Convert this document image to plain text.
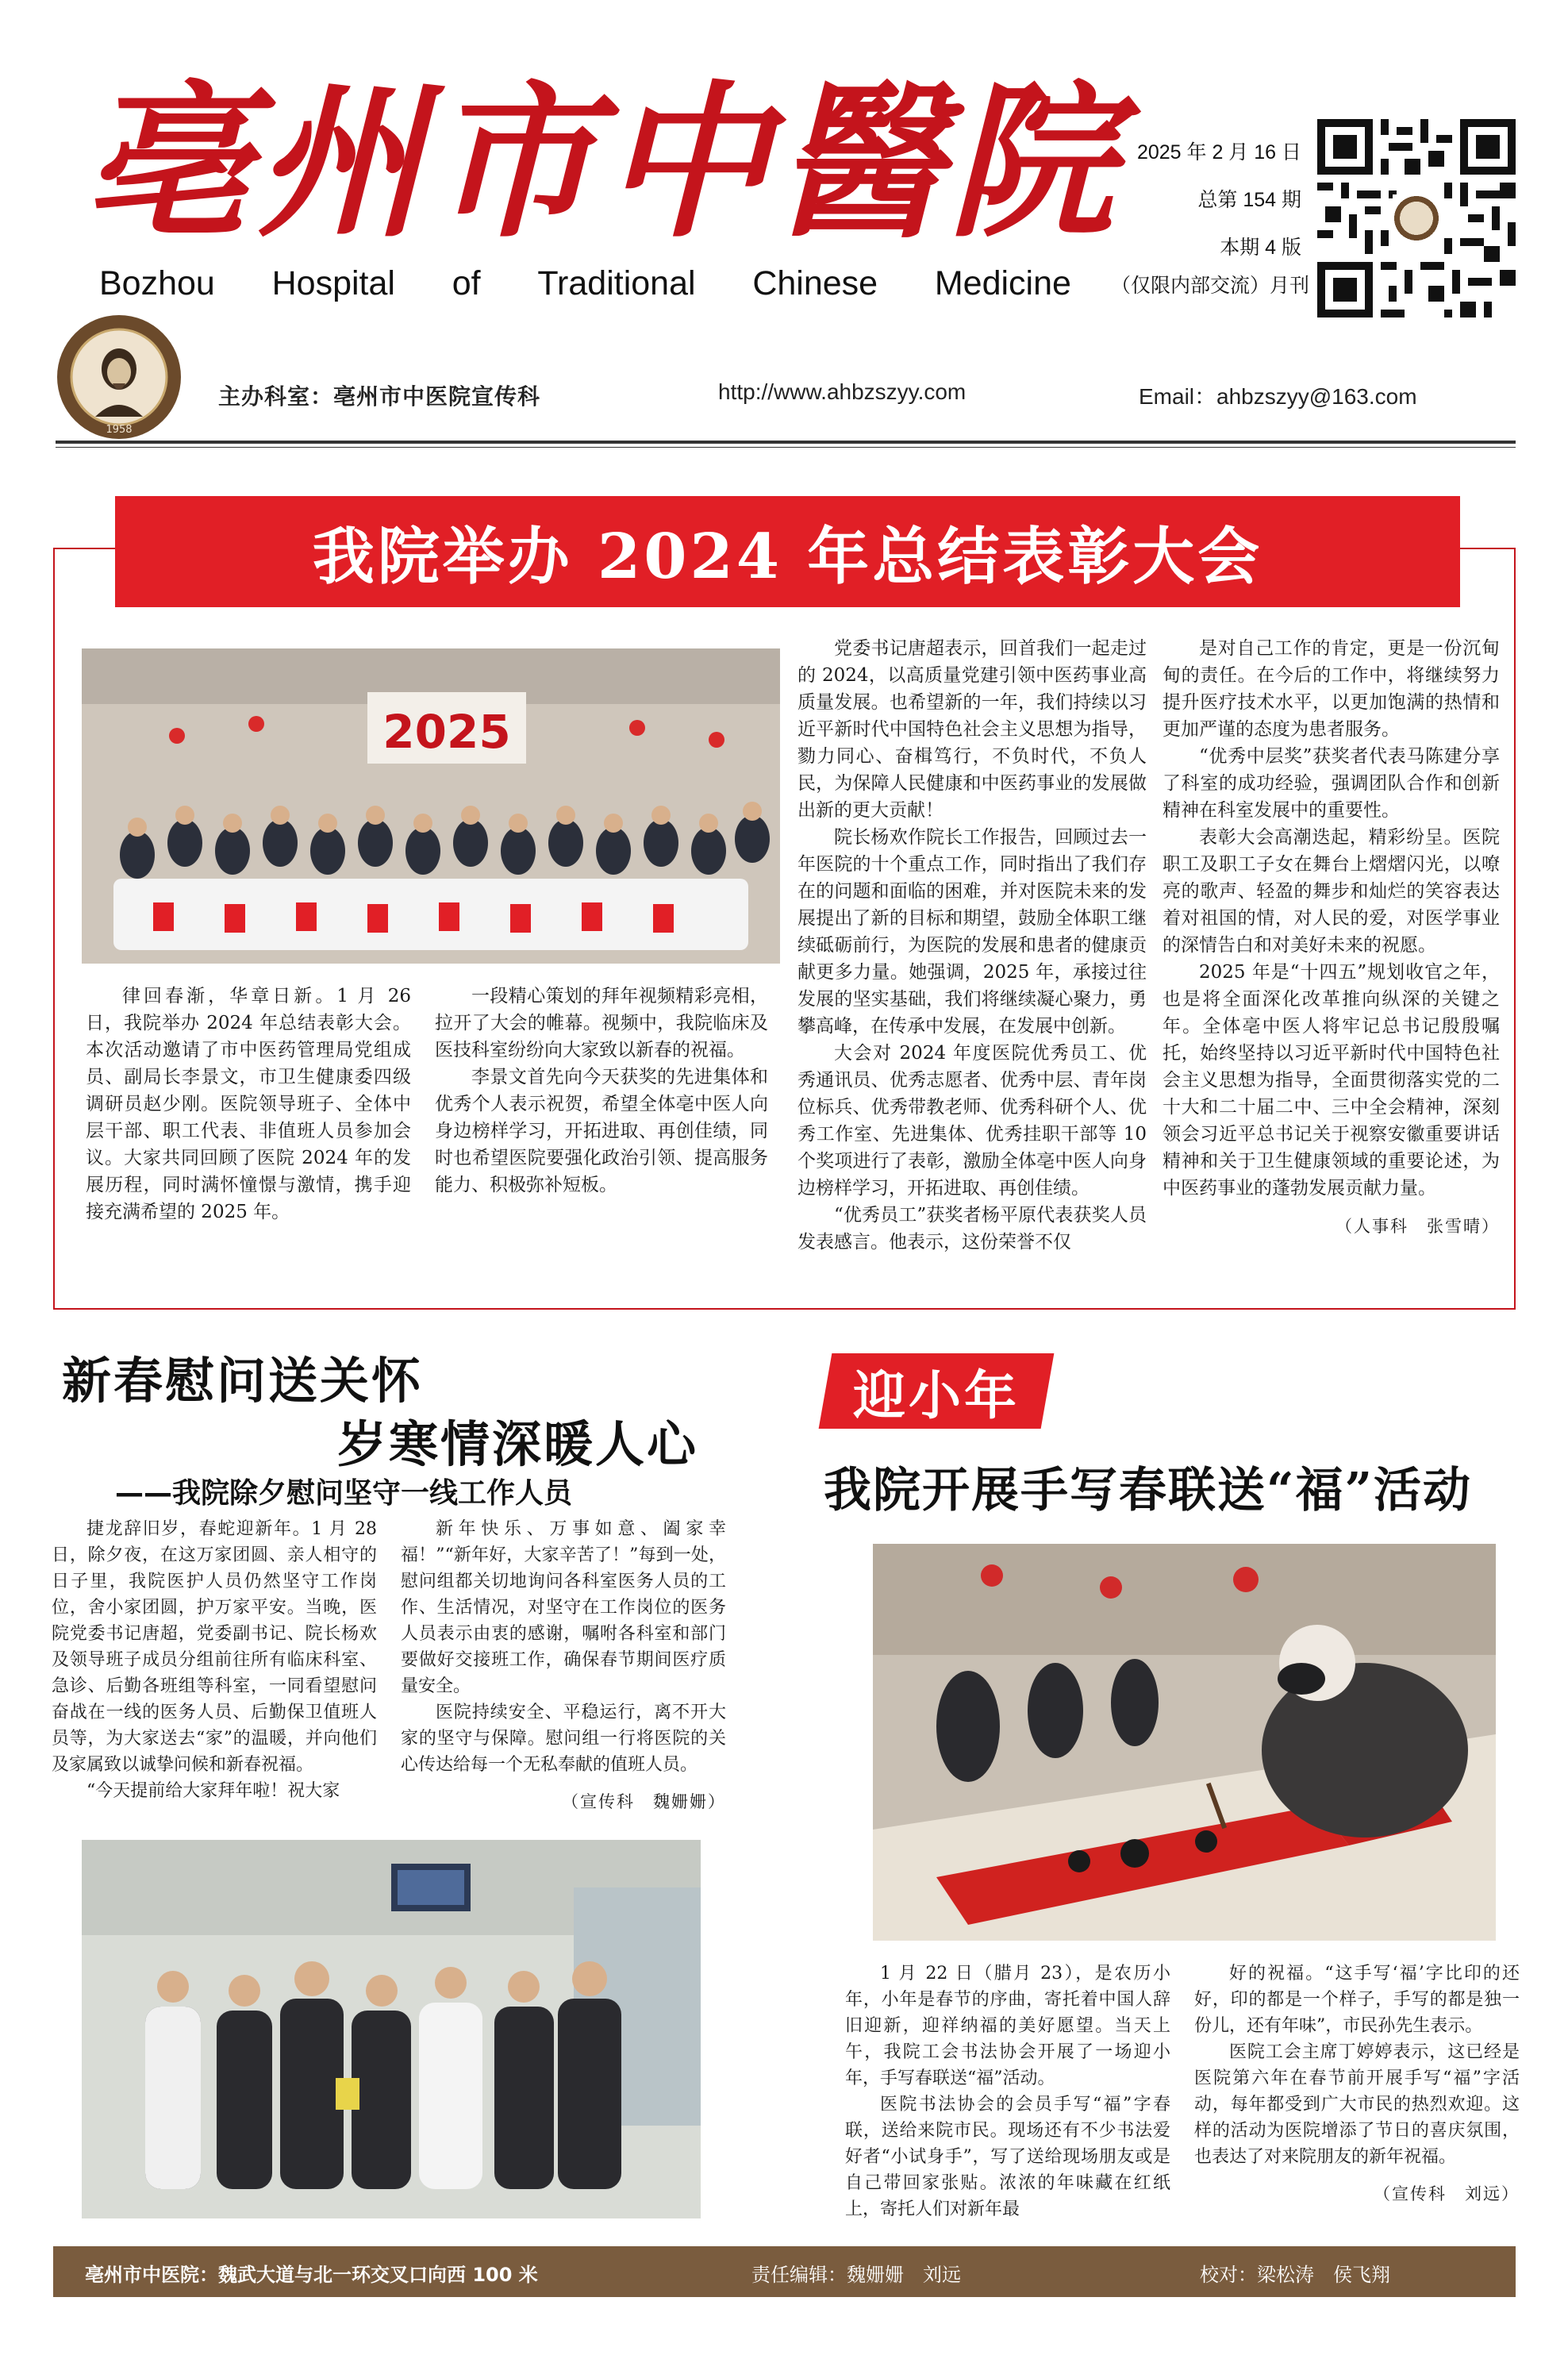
亳州市中醫院
Bozhou Hospital of Traditional Chinese Medicine
2025 年 2 月 16 日
总第 154 期
本期 4 版
（仅限内部交流）月刊
1958
主办科室：亳州市中医院宣传科	http://www.ahbzszyy.com	Email：ahbzszyy@163.com
我院举办 2024 年总结表彰大会
2025

律回春渐，华章日新。1 月 26 日，我院举办 2024 年总结表彰大会。本次活动邀请了市中医药管理局党组成员、副局长李景文，市卫生健康委四级调研员赵少刚。医院领导班子、全体中层干部、职工代表、非值班人员参加会议。大家共同回顾了医院 2024 年的发展历程，同时满怀憧憬与激情，携手迎接充满希望的 2025 年。

一段精心策划的拜年视频精彩亮相，拉开了大会的帷幕。视频中，我院临床及医技科室纷纷向大家致以新春的祝福。

李景文首先向今天获奖的先进集体和优秀个人表示祝贺，希望全体亳中医人向身边榜样学习，开拓进取、再创佳绩，同时也希望医院要强化政治引领、提高服务能力、积极弥补短板。

党委书记唐超表示，回首我们一起走过的 2024，以高质量党建引领中医药事业高质量发展。也希望新的一年，我们持续以习近平新时代中国特色社会主义思想为指导，勠力同心、奋楫笃行，不负时代，不负人民，为保障人民健康和中医药事业的发展做出新的更大贡献！

院长杨欢作院长工作报告，回顾过去一年医院的十个重点工作，同时指出了我们存在的问题和面临的困难，并对医院未来的发展提出了新的目标和期望，鼓励全体职工继续砥砺前行，为医院的发展和患者的健康贡献更多力量。她强调，2025 年，承接过往发展的坚实基础，我们将继续凝心聚力，勇攀高峰，在传承中发展，在发展中创新。

大会对 2024 年度医院优秀员工、优秀通讯员、优秀志愿者、优秀中层、青年岗位标兵、优秀带教老师、优秀科研个人、优秀工作室、先进集体、优秀挂职干部等 10 个奖项进行了表彰，激励全体亳中医人向身边榜样学习，开拓进取、再创佳绩。

“优秀员工”获奖者杨平原代表获奖人员发表感言。他表示，这份荣誉不仅

是对自己工作的肯定，更是一份沉甸甸的责任。在今后的工作中，将继续努力提升医疗技术水平，以更加饱满的热情和更加严谨的态度为患者服务。

“优秀中层奖”获奖者代表马陈建分享了科室的成功经验，强调团队合作和创新精神在科室发展中的重要性。

表彰大会高潮迭起，精彩纷呈。医院职工及职工子女在舞台上熠熠闪光，以嘹亮的歌声、轻盈的舞步和灿烂的笑容表达着对祖国的情，对人民的爱，对医学事业的深情告白和对美好未来的祝愿。

2025 年是“十四五”规划收官之年，也是将全面深化改革推向纵深的关键之年。全体亳中医人将牢记总书记殷殷嘱托，始终坚持以习近平新时代中国特色社会主义思想为指导，全面贯彻落实党的二十大和二十届二中、三中全会精神，深刻领会习近平总书记关于视察安徽重要讲话精神和关于卫生健康领域的重要论述，为中医药事业的蓬勃发展贡献力量。

（人事科　张雪晴）

新春慰问送关怀
岁寒情深暖人心
——我院除夕慰问坚守一线工作人员

捷龙辞旧岁，春蛇迎新年。1 月 28 日，除夕夜，在这万家团圆、亲人相守的日子里，我院医护人员仍然坚守工作岗位，舍小家团圆，护万家平安。当晚，医院党委书记唐超，党委副书记、院长杨欢及领导班子成员分组前往所有临床科室、急诊、后勤各班组等科室，一同看望慰问奋战在一线的医务人员、后勤保卫值班人员等，为大家送去“家”的温暖，并向他们及家属致以诚挚问候和新春祝福。

“今天提前给大家拜年啦！祝大家

新年快乐、万事如意、阖家幸福！”“新年好，大家辛苦了！”每到一处，慰问组都关切地询问各科室医务人员的工作、生活情况，对坚守在工作岗位的医务人员表示由衷的感谢，嘱咐各科室和部门要做好交接班工作，确保春节期间医疗质量安全。

医院持续安全、平稳运行，离不开大家的坚守与保障。慰问组一行将医院的关心传达给每一个无私奉献的值班人员。

（宣传科　魏姗姗）

迎小年
我院开展手写春联送“福”活动

1 月 22 日（腊月 23），是农历小年，小年是春节的序曲，寄托着中国人辞旧迎新，迎祥纳福的美好愿望。当天上午，我院工会书法协会开展了一场迎小年，手写春联送“福”活动。

医院书法协会的会员手写“福”字春联，送给来院市民。现场还有不少书法爱好者“小试身手”，写了送给现场朋友或是自己带回家张贴。浓浓的年味藏在红纸上，寄托人们对新年最

好的祝福。“这手写‘福’字比印的还好，印的都是一个样子，手写的都是独一份儿，还有年味”，市民孙先生表示。

医院工会主席丁婷婷表示，这已经是医院第六年在春节前开展手写“福”字活动，每年都受到广大市民的热烈欢迎。这样的活动为医院增添了节日的喜庆氛围，也表达了对来院朋友的新年祝福。

（宣传科　刘远）

亳州市中医院：魏武大道与北一环交叉口向西 100 米	责任编辑：魏姗姗　刘远	校对：梁松涛　侯飞翔
